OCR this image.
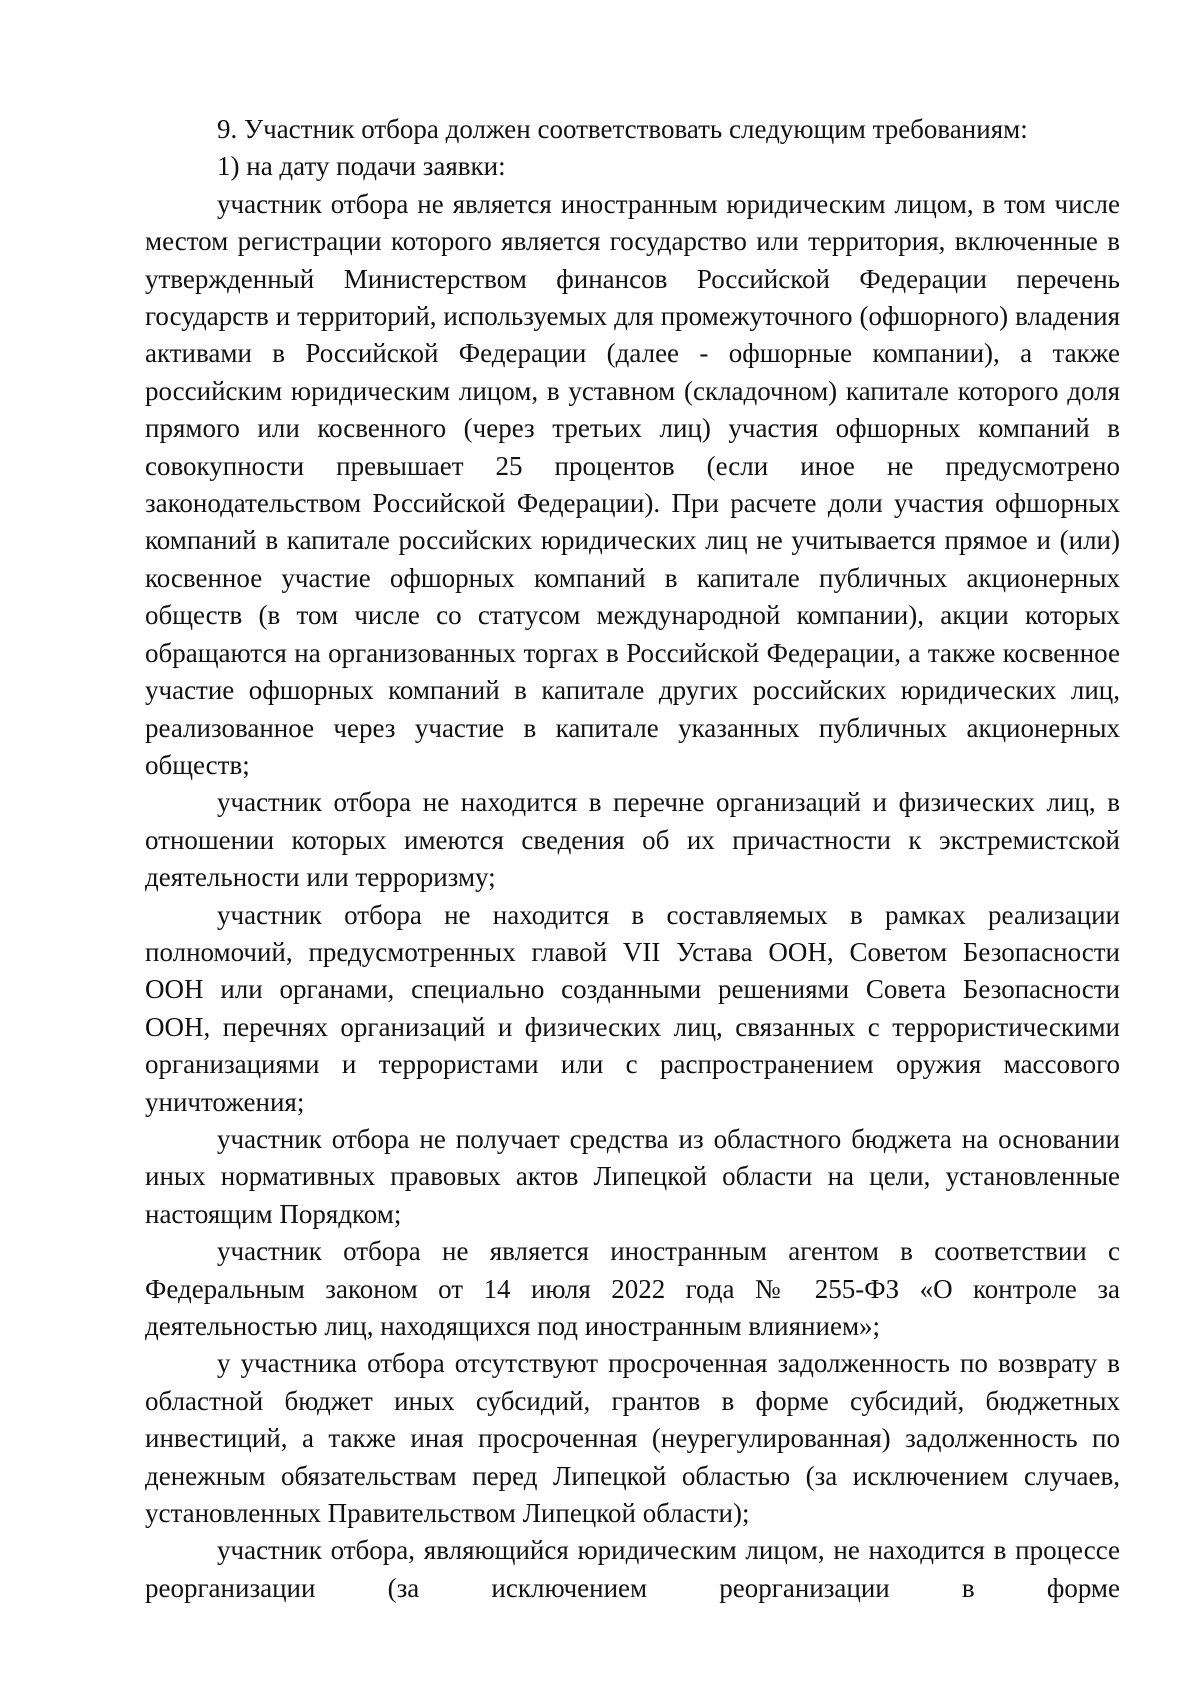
9. Участник отбора должен соответствовать следующим требованиям:

1) на дату подачи заявки:

участник отбора не является иностранным юридическим лицом, в том числе местом регистрации которого является государство или территория, включенные в утвержденный Министерством финансов Российской Федерации перечень государств и территорий, используемых для промежуточного (офшорного) владения активами в Российской Федерации (далее - офшорные компании), а также российским юридическим лицом, в уставном (складочном) капитале которого доля прямого или косвенного (через третьих лиц) участия офшорных компаний в совокупности превышает 25 процентов (если иное не предусмотрено законодательством Российской Федерации). При расчете доли участия офшорных компаний в капитале российских юридических лиц не учитывается прямое и (или) косвенное участие офшорных компаний в капитале публичных акционерных обществ (в том числе со статусом международной компании), акции которых обращаются на организованных торгах в Российской Федерации, а также косвенное участие офшорных компаний в капитале других российских юридических лиц, реализованное через участие в капитале указанных публичных акционерных обществ;

участник отбора не находится в перечне организаций и физических лиц, в отношении которых имеются сведения об их причастности к экстремистской деятельности или терроризму;

участник отбора не находится в составляемых в рамках реализации полномочий, предусмотренных главой VII Устава ООН, Советом Безопасности ООН или органами, специально созданными решениями Совета Безопасности ООН, перечнях организаций и физических лиц, связанных с террористическими организациями и террористами или с распространением оружия массового уничтожения;

участник отбора не получает средства из областного бюджета на основании иных нормативных правовых актов Липецкой области на цели, установленные настоящим Порядком;

участник отбора не является иностранным агентом в соответствии с Федеральным законом от 14 июля 2022 года № 255-ФЗ «О контроле за деятельностью лиц, находящихся под иностранным влиянием»;

у участника отбора отсутствуют просроченная задолженность по возврату в областной бюджет иных субсидий, грантов в форме субсидий, бюджетных инвестиций, а также иная просроченная (неурегулированная) задолженность по денежным обязательствам перед Липецкой областью (за исключением случаев, установленных Правительством Липецкой области);

участник отбора, являющийся юридическим лицом, не находится в процессе реорганизации (за исключением реорганизации в форме
